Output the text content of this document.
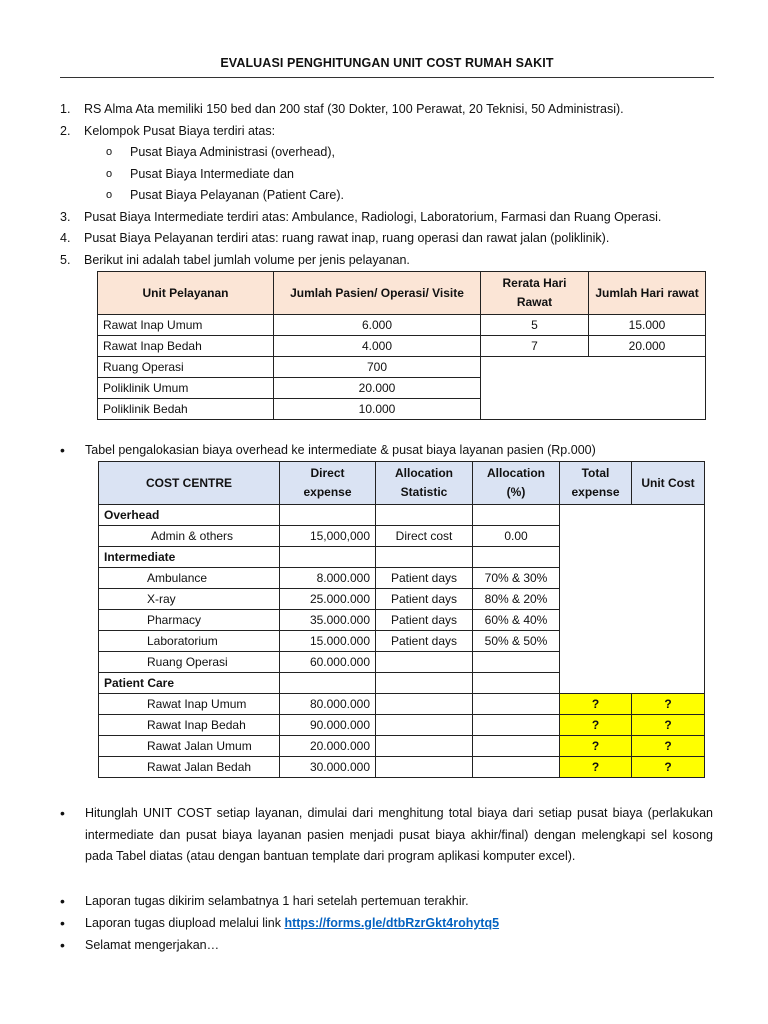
EVALUASI PENGHITUNGAN UNIT COST RUMAH SAKIT
1. RS Alma Ata memiliki 150 bed dan 200 staf (30 Dokter, 100 Perawat, 20 Teknisi, 50 Administrasi).
2. Kelompok Pusat Biaya terdiri atas:
o Pusat Biaya Administrasi (overhead),
o Pusat Biaya Intermediate dan
o Pusat Biaya Pelayanan (Patient Care).
3. Pusat Biaya Intermediate terdiri atas: Ambulance, Radiologi, Laboratorium, Farmasi dan Ruang Operasi.
4. Pusat Biaya Pelayanan terdiri atas: ruang rawat inap, ruang operasi dan rawat jalan (poliklinik).
5. Berikut ini adalah tabel jumlah volume per jenis pelayanan.
Unit Pelayanan	Jumlah Pasien/ Operasi/ Visite	Rerata Hari Rawat	Jumlah Hari rawat
Rawat Inap Umum	6.000	5	15.000
Rawat Inap Bedah	4.000	7	20.000
Ruang Operasi	700		
Poliklinik Umum	20.000		
Poliklinik Bedah	10.000		
• Tabel pengalokasian biaya overhead ke intermediate & pusat biaya layanan pasien (Rp.000)
COST CENTRE	Direct expense	Allocation Statistic	Allocation (%)	Total expense	Unit Cost
Overhead					
Admin & others	15,000,000	Direct cost	0.00		
Intermediate					
Ambulance	8.000.000	Patient days	70% & 30%		
X-ray	25.000.000	Patient days	80% & 20%		
Pharmacy	35.000.000	Patient days	60% & 40%		
Laboratorium	15.000.000	Patient days	50% & 50%		
Ruang Operasi	60.000.000				
Patient Care					
Rawat Inap Umum	80.000.000			?	?
Rawat Inap Bedah	90.000.000			?	?
Rawat Jalan Umum	20.000.000			?	?
Rawat Jalan Bedah	30.000.000			?	?
• Hitunglah UNIT COST setiap layanan, dimulai dari menghitung total biaya dari setiap pusat biaya (perlakukan intermediate dan pusat biaya layanan pasien menjadi pusat biaya akhir/final) dengan melengkapi sel kosong pada Tabel diatas (atau dengan bantuan template dari program aplikasi komputer excel).
• Laporan tugas dikirim selambatnya 1 hari setelah pertemuan terakhir.
• Laporan tugas diupload melalui link https://forms.gle/dtbRzrGkt4rohytq5
• Selamat mengerjakan…
